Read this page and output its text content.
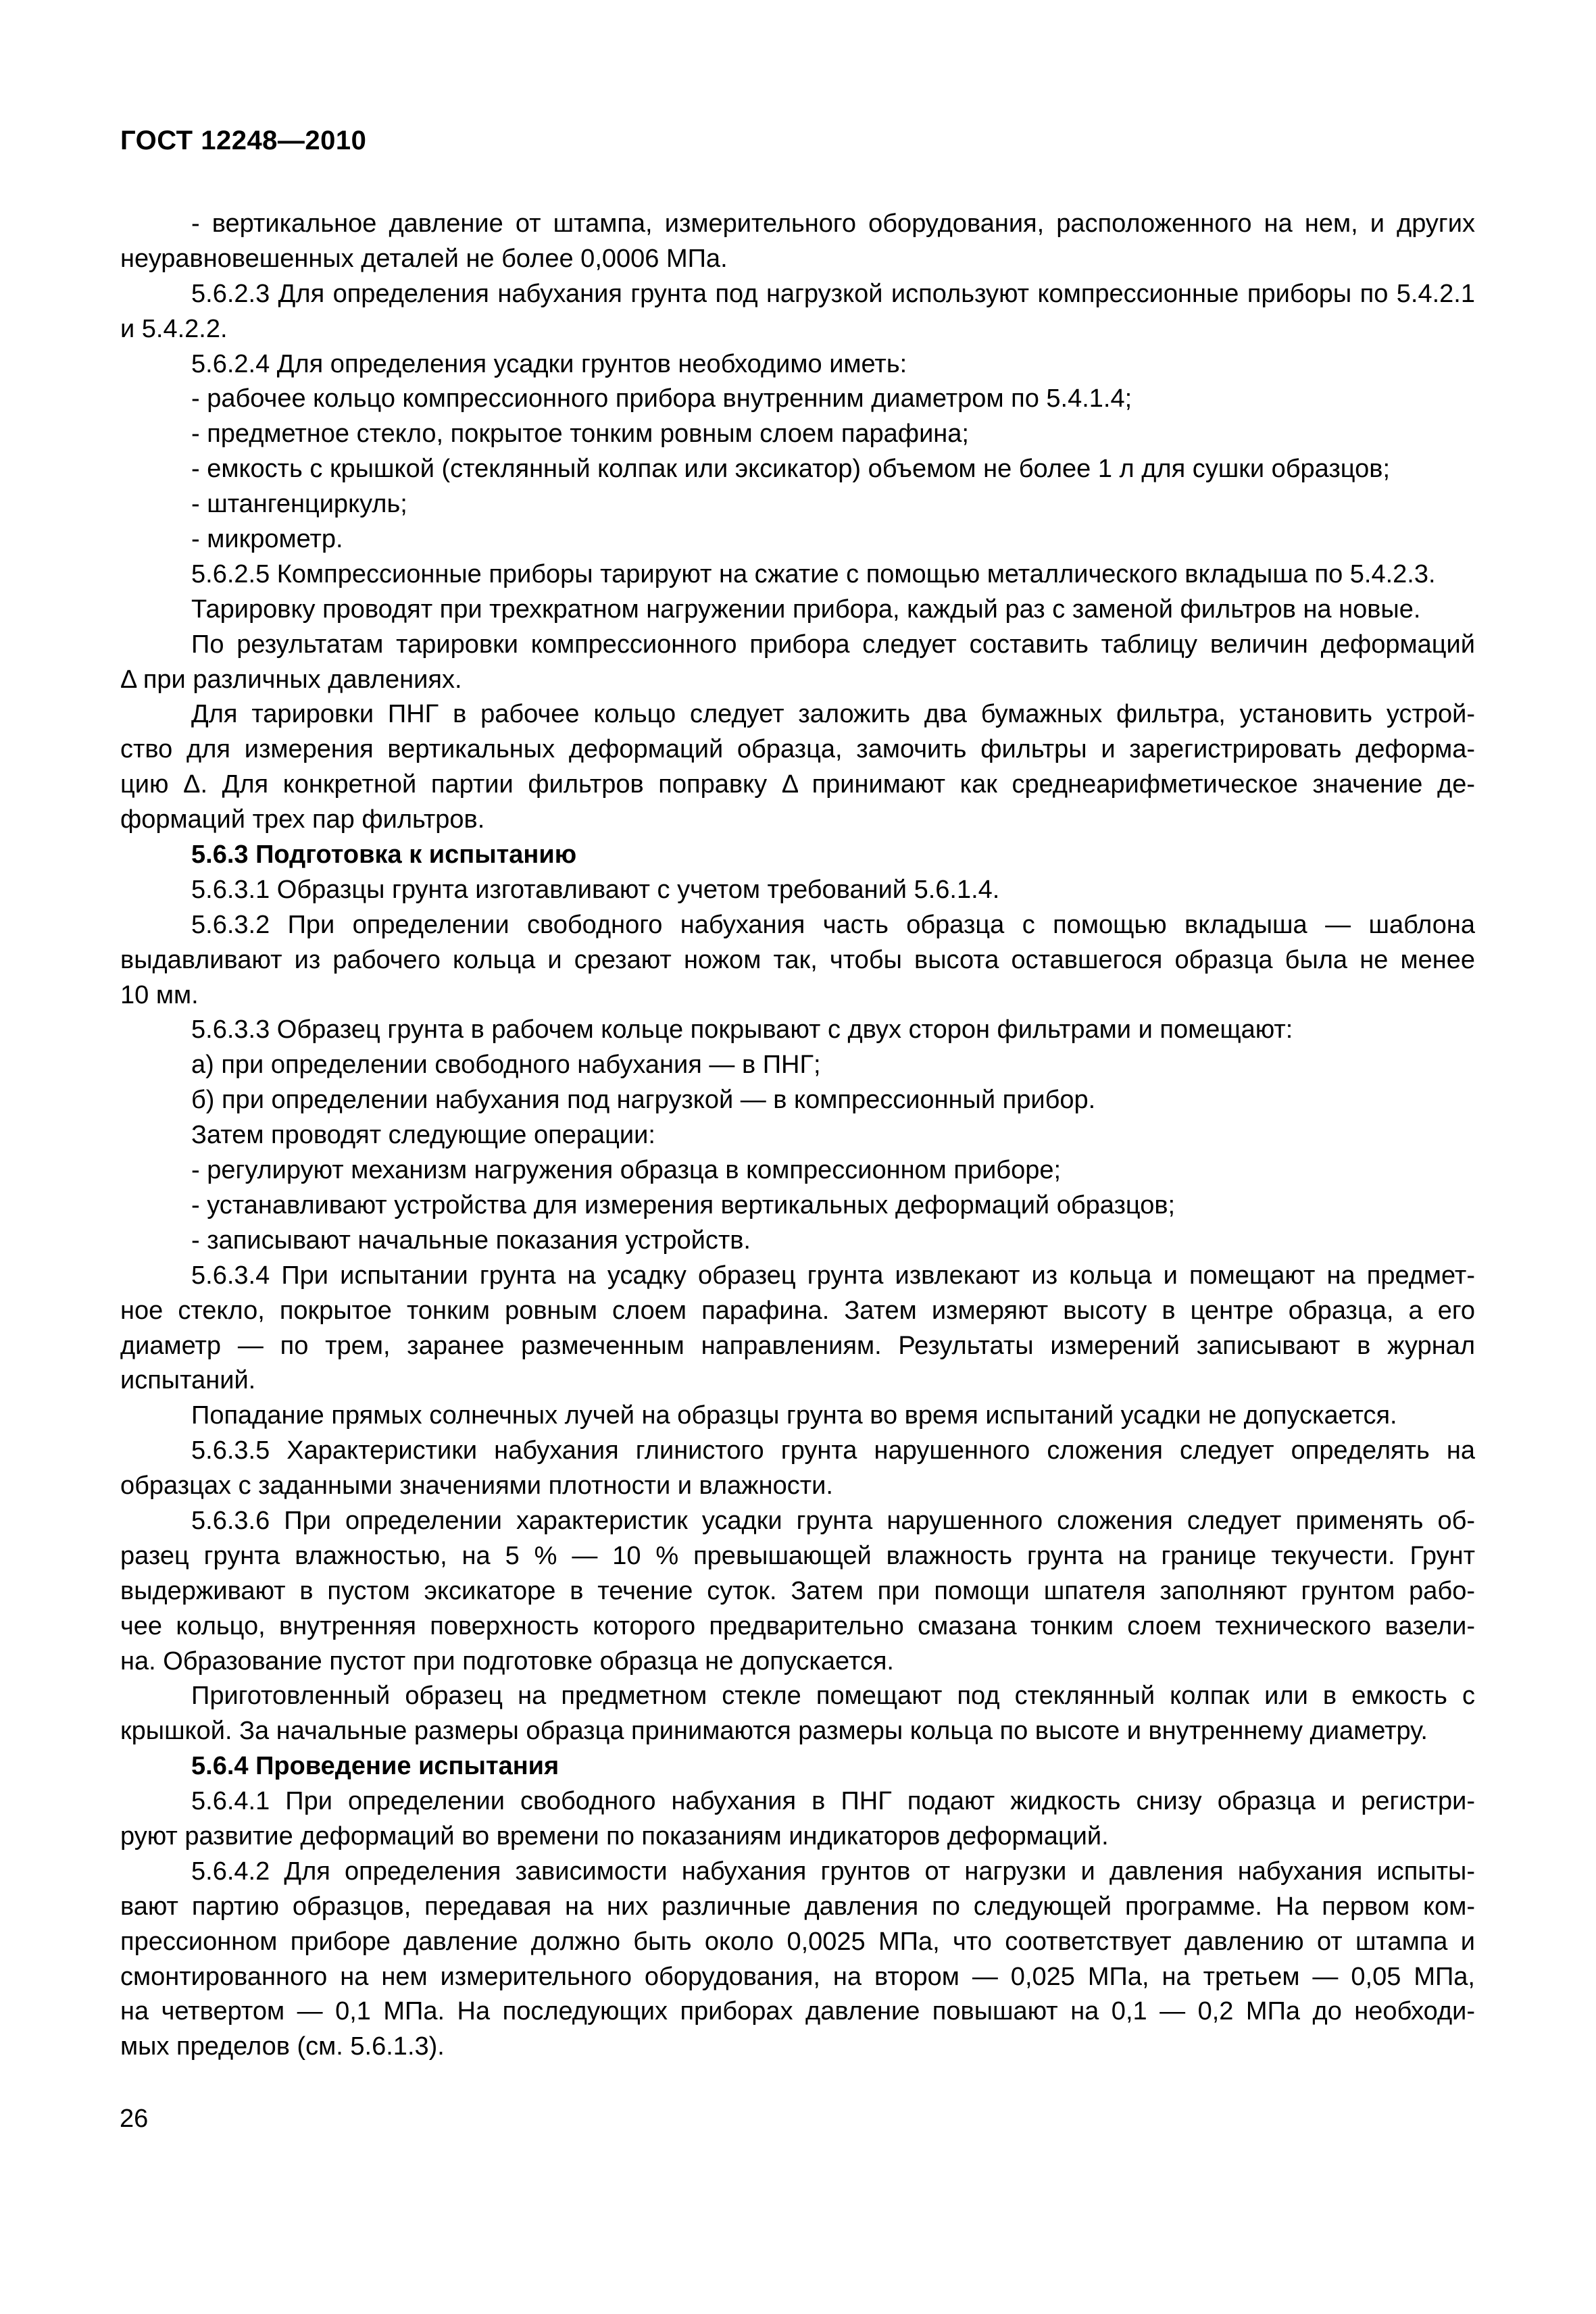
ГОСТ 12248—2010
- вертикальное давление от штампа, измерительного оборудования, расположенного на нем, и других
неуравновешенных деталей не более 0,0006 МПа.
5.6.2.3 Для определения набухания грунта под нагрузкой используют компрессионные приборы по 5.4.2.1
и 5.4.2.2.
5.6.2.4 Для определения усадки грунтов необходимо иметь:
- рабочее кольцо компрессионного прибора внутренним диаметром по 5.4.1.4;
- предметное стекло, покрытое тонким ровным слоем парафина;
- емкость с крышкой (стеклянный колпак или эксикатор) объемом не более 1 л для сушки образцов;
- штангенциркуль;
- микрометр.
5.6.2.5 Компрессионные приборы тарируют на сжатие с помощью металлического вкладыша по 5.4.2.3.
Тарировку проводят при трехкратном нагружении прибора, каждый раз с заменой фильтров на новые.
По результатам тарировки компрессионного прибора следует составить таблицу величин деформаций
Δ при различных давлениях.
Для тарировки ПНГ в рабочее кольцо следует заложить два бумажных фильтра, установить устрой-
ство для измерения вертикальных деформаций образца, замочить фильтры и зарегистрировать деформа-
цию Δ. Для конкретной партии фильтров поправку Δ принимают как среднеарифметическое значение де-
формаций трех пар фильтров.
5.6.3 Подготовка к испытанию
5.6.3.1 Образцы грунта изготавливают с учетом требований 5.6.1.4.
5.6.3.2 При определении свободного набухания часть образца с помощью вкладыша — шаблона
выдавливают из рабочего кольца и срезают ножом так, чтобы высота оставшегося образца была не менее
10 мм.
5.6.3.3 Образец грунта в рабочем кольце покрывают с двух сторон фильтрами и помещают:
а) при определении свободного набухания — в ПНГ;
б) при определении набухания под нагрузкой — в компрессионный прибор.
Затем проводят следующие операции:
- регулируют механизм нагружения образца в компрессионном приборе;
- устанавливают устройства для измерения вертикальных деформаций образцов;
- записывают начальные показания устройств.
5.6.3.4 При испытании грунта на усадку образец грунта извлекают из кольца и помещают на предмет-
ное стекло, покрытое тонким ровным слоем парафина. Затем измеряют высоту в центре образца, а его
диаметр — по трем, заранее размеченным направлениям. Результаты измерений записывают в журнал
испытаний.
Попадание прямых солнечных лучей на образцы грунта во время испытаний усадки не допускается.
5.6.3.5 Характеристики набухания глинистого грунта нарушенного сложения следует определять на
образцах с заданными значениями плотности и влажности.
5.6.3.6 При определении характеристик усадки грунта нарушенного сложения следует применять об-
разец грунта влажностью, на 5 % — 10 % превышающей влажность грунта на границе текучести. Грунт
выдерживают в пустом эксикаторе в течение суток. Затем при помощи шпателя заполняют грунтом рабо-
чее кольцо, внутренняя поверхность которого предварительно смазана тонким слоем технического вазели-
на. Образование пустот при подготовке образца не допускается.
Приготовленный образец на предметном стекле помещают под стеклянный колпак или в емкость с
крышкой. За начальные размеры образца принимаются размеры кольца по высоте и внутреннему диаметру.
5.6.4 Проведение испытания
5.6.4.1 При определении свободного набухания в ПНГ подают жидкость снизу образца и регистри-
руют развитие деформаций во времени по показаниям индикаторов деформаций.
5.6.4.2 Для определения зависимости набухания грунтов от нагрузки и давления набухания испыты-
вают партию образцов, передавая на них различные давления по следующей программе. На первом ком-
прессионном приборе давление должно быть около 0,0025 МПа, что соответствует давлению от штампа и
смонтированного на нем измерительного оборудования, на втором — 0,025 МПа, на третьем — 0,05 МПа,
на четвертом — 0,1 МПа. На последующих приборах давление повышают на 0,1 — 0,2 МПа до необходи-
мых пределов (см. 5.6.1.3).
26
